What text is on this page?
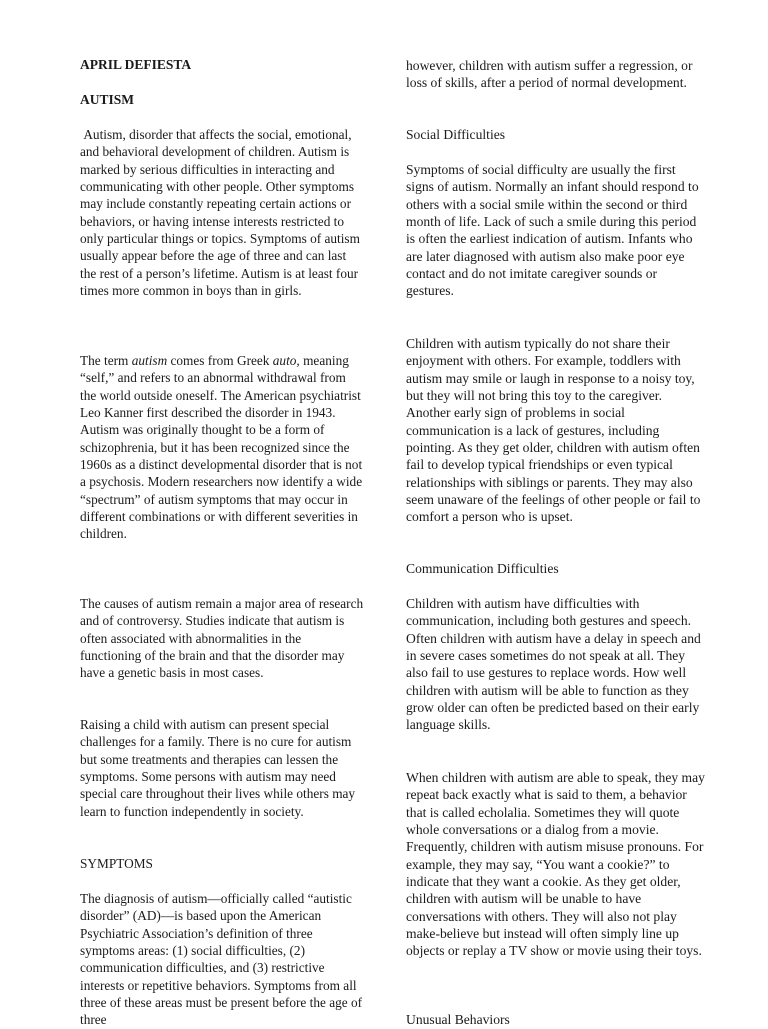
APRIL DEFIESTA

AUTISM

Autism, disorder that affects the social, emotional, and behavioral development of children. Autism is marked by serious difficulties in interacting and communicating with other people. Other symptoms may include constantly repeating certain actions or behaviors, or having intense interests restricted to only particular things or topics. Symptoms of autism usually appear before the age of three and can last the rest of a person’s lifetime. Autism is at least four times more common in boys than in girls.

The term autism comes from Greek auto, meaning “self,” and refers to an abnormal withdrawal from the world outside oneself. The American psychiatrist Leo Kanner first described the disorder in 1943. Autism was originally thought to be a form of schizophrenia, but it has been recognized since the 1960s as a distinct developmental disorder that is not a psychosis. Modern researchers now identify a wide “spectrum” of autism symptoms that may occur in different combinations or with different severities in children.

The causes of autism remain a major area of research and of controversy. Studies indicate that autism is often associated with abnormalities in the functioning of the brain and that the disorder may have a genetic basis in most cases.

Raising a child with autism can present special challenges for a family. There is no cure for autism but some treatments and therapies can lessen the symptoms. Some persons with autism may need special care throughout their lives while others may learn to function independently in society.

SYMPTOMS

The diagnosis of autism—officially called “autistic disorder” (AD)—is based upon the American Psychiatric Association’s definition of three symptoms areas: (1) social difficulties, (2) communication difficulties, and (3) restrictive interests or repetitive behaviors. Symptoms from all three of these areas must be present before the age of three

however, children with autism suffer a regression, or loss of skills, after a period of normal development.

Social Difficulties

Symptoms of social difficulty are usually the first signs of autism. Normally an infant should respond to others with a social smile within the second or third month of life. Lack of such a smile during this period is often the earliest indication of autism. Infants who are later diagnosed with autism also make poor eye contact and do not imitate caregiver sounds or gestures.

Children with autism typically do not share their enjoyment with others. For example, toddlers with autism may smile or laugh in response to a noisy toy, but they will not bring this toy to the caregiver. Another early sign of problems in social communication is a lack of gestures, including pointing. As they get older, children with autism often fail to develop typical friendships or even typical relationships with siblings or parents. They may also seem unaware of the feelings of other people or fail to comfort a person who is upset.

Communication Difficulties

Children with autism have difficulties with communication, including both gestures and speech. Often children with autism have a delay in speech and in severe cases sometimes do not speak at all. They also fail to use gestures to replace words. How well children with autism will be able to function as they grow older can often be predicted based on their early language skills.

When children with autism are able to speak, they may repeat back exactly what is said to them, a behavior that is called echolalia. Sometimes they will quote whole conversations or a dialog from a movie. Frequently, children with autism misuse pronouns. For example, they may say, “You want a cookie?” to indicate that they want a cookie. As they get older, children with autism will be unable to have conversations with others. They will also not play make-believe but instead will often simply line up objects or replay a TV show or movie using their toys.

Unusual Behaviors
